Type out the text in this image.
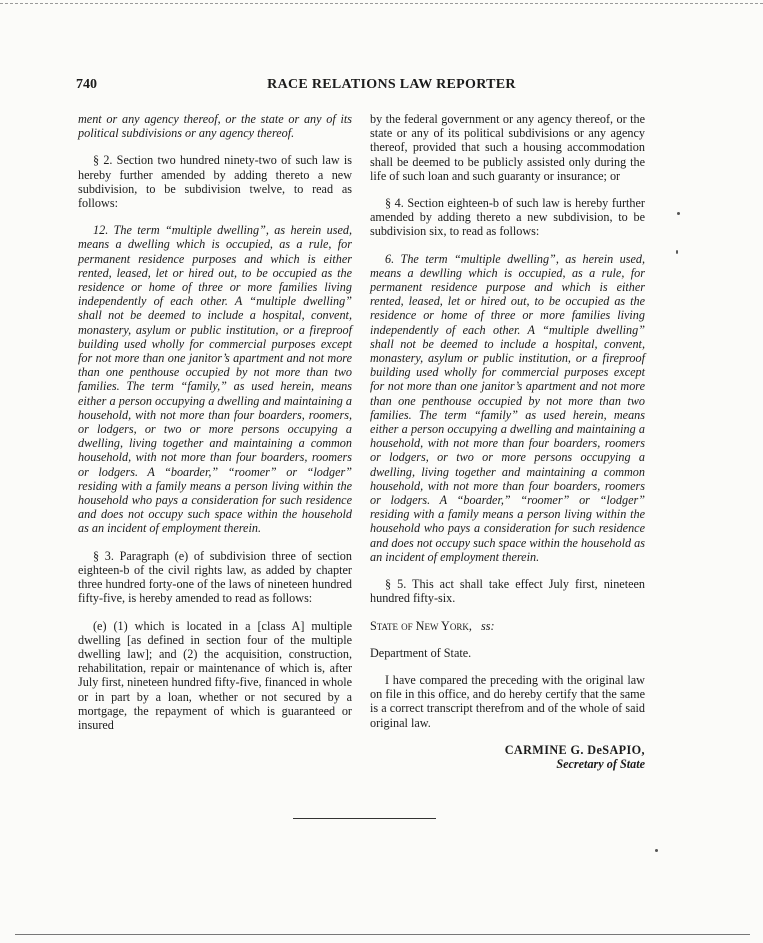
740	RACE RELATIONS LAW REPORTER

ment or any agency thereof, or the state or any of its political subdivisions or any agency thereof.

§ 2. Section two hundred ninety-two of such law is hereby further amended by adding thereto a new subdivision, to be subdivision twelve, to read as follows:

12. The term “multiple dwelling”, as herein used, means a dwelling which is occupied, as a rule, for permanent residence purposes and which is either rented, leased, let or hired out, to be occupied as the residence or home of three or more families living independently of each other. A “multiple dwelling” shall not be deemed to include a hospital, convent, monastery, asylum or public institution, or a fireproof building used wholly for commercial purposes except for not more than one janitor’s apartment and not more than one penthouse occupied by not more than two families. The term “family,” as used herein, means either a person occupying a dwelling and maintaining a household, with not more than four boarders, roomers, or lodgers, or two or more persons occupying a dwelling, living together and maintaining a common household, with not more than four boarders, roomers or lodgers. A “boarder,” “roomer” or “lodger” residing with a family means a person living within the household who pays a consideration for such residence and does not occupy such space within the household as an incident of employment therein.

§ 3. Paragraph (e) of subdivision three of section eighteen-b of the civil rights law, as added by chapter three hundred forty-one of the laws of nineteen hundred fifty-five, is hereby amended to read as follows:

(e) (1) which is located in a [class A] multiple dwelling [as defined in section four of the multiple dwelling law]; and (2) the acquisition, construction, rehabilitation, repair or maintenance of which is, after July first, nineteen hundred fifty-five, financed in whole or in part by a loan, whether or not secured by a mortgage, the repayment of which is guaranteed or insured

by the federal government or any agency thereof, or the state or any of its political subdivisions or any agency thereof, provided that such a housing accommodation shall be deemed to be publicly assisted only during the life of such loan and such guaranty or insurance; or

§ 4. Section eighteen-b of such law is hereby further amended by adding thereto a new subdivision, to be subdivision six, to read as follows:

6. The term “multiple dwelling”, as herein used, means a dewlling which is occupied, as a rule, for permanent residence purpose and which is either rented, leased, let or hired out, to be occupied as the residence or home of three or more families living independently of each other. A “multiple dwelling” shall not be deemed to include a hospital, convent, monastery, asylum or public institution, or a fireproof building used wholly for commercial purposes except for not more than one janitor’s apartment and not more than one penthouse occupied by not more than two families. The term “family” as used herein, means either a person occupying a dwelling and maintaining a household, with not more than four boarders, roomers or lodgers, or two or more persons occupying a dwelling, living together and maintaining a common household, with not more than four boarders, roomers or lodgers. A “boarder,” “roomer” or “lodger” residing with a family means a person living within the household who pays a consideration for such residence and does not occupy such space within the household as an incident of employment therein.

§ 5. This act shall take effect July first, nineteen hundred fifty-six.

State of New York, ss:

Department of State.

I have compared the preceding with the original law on file in this office, and do hereby certify that the same is a correct transcript therefrom and of the whole of said original law.

CARMINE G. DeSAPIO,
Secretary of State
